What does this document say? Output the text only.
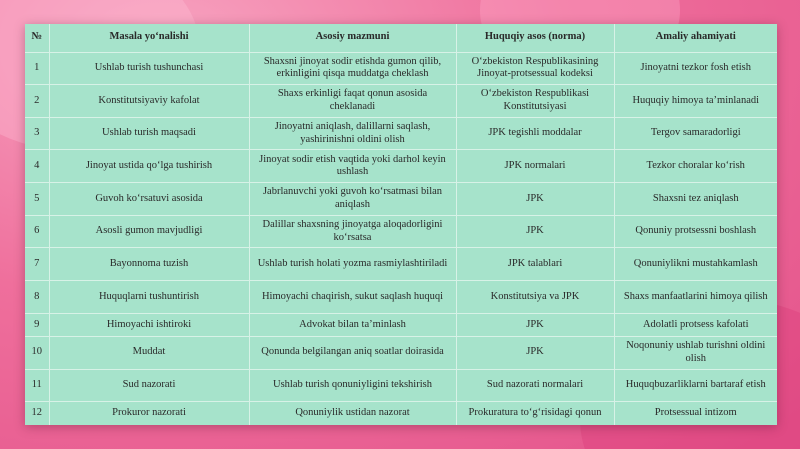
№	Masala yo‘nalishi	Asosiy mazmuni	Huquqiy asos (norma)	Amaliy ahamiyati
1	Ushlab turish tushunchasi	Shaxsni jinoyat sodir etishda gumon qilib, erkinligini qisqa muddatga cheklash	O‘zbekiston Respublikasining Jinoyat-protsessual kodeksi	Jinoyatni tezkor fosh etish
2	Konstitutsiyaviy kafolat	Shaxs erkinligi faqat qonun asosida cheklanadi	O‘zbekiston Respublikasi Konstitutsiyasi	Huquqiy himoya ta’minlanadi
3	Ushlab turish maqsadi	Jinoyatni aniqlash, dalillarni saqlash, yashirinishni oldini olish	JPK tegishli moddalar	Tergov samaradorligi
4	Jinoyat ustida qo‘lga tushirish	Jinoyat sodir etish vaqtida yoki darhol keyin ushlash	JPK normalari	Tezkor choralar ko‘rish
5	Guvoh ko‘rsatuvi asosida	Jabrlanuvchi yoki guvoh ko‘rsatmasi bilan aniqlash	JPK	Shaxsni tez aniqlash
6	Asosli gumon mavjudligi	Dalillar shaxsning jinoyatga aloqadorligini ko‘rsatsa	JPK	Qonuniy protsessni boshlash
7	Bayonnoma tuzish	Ushlab turish holati yozma rasmiylashtiriladi	JPK talablari	Qonuniylikni mustahkamlash
8	Huquqlarni tushuntirish	Himoyachi chaqirish, sukut saqlash huquqi	Konstitutsiya va JPK	Shaxs manfaatlarini himoya qilish
9	Himoyachi ishtiroki	Advokat bilan ta’minlash	JPK	Adolatli protsess kafolati
10	Muddat	Qonunda belgilangan aniq soatlar doirasida	JPK	Noqonuniy ushlab turishni oldini olish
11	Sud nazorati	Ushlab turish qonuniyligini tekshirish	Sud nazorati normalari	Huquqbuzarliklarni bartaraf etish
12	Prokuror nazorati	Qonuniylik ustidan nazorat	Prokuratura to‘g‘risidagi qonun	Protsessual intizom
